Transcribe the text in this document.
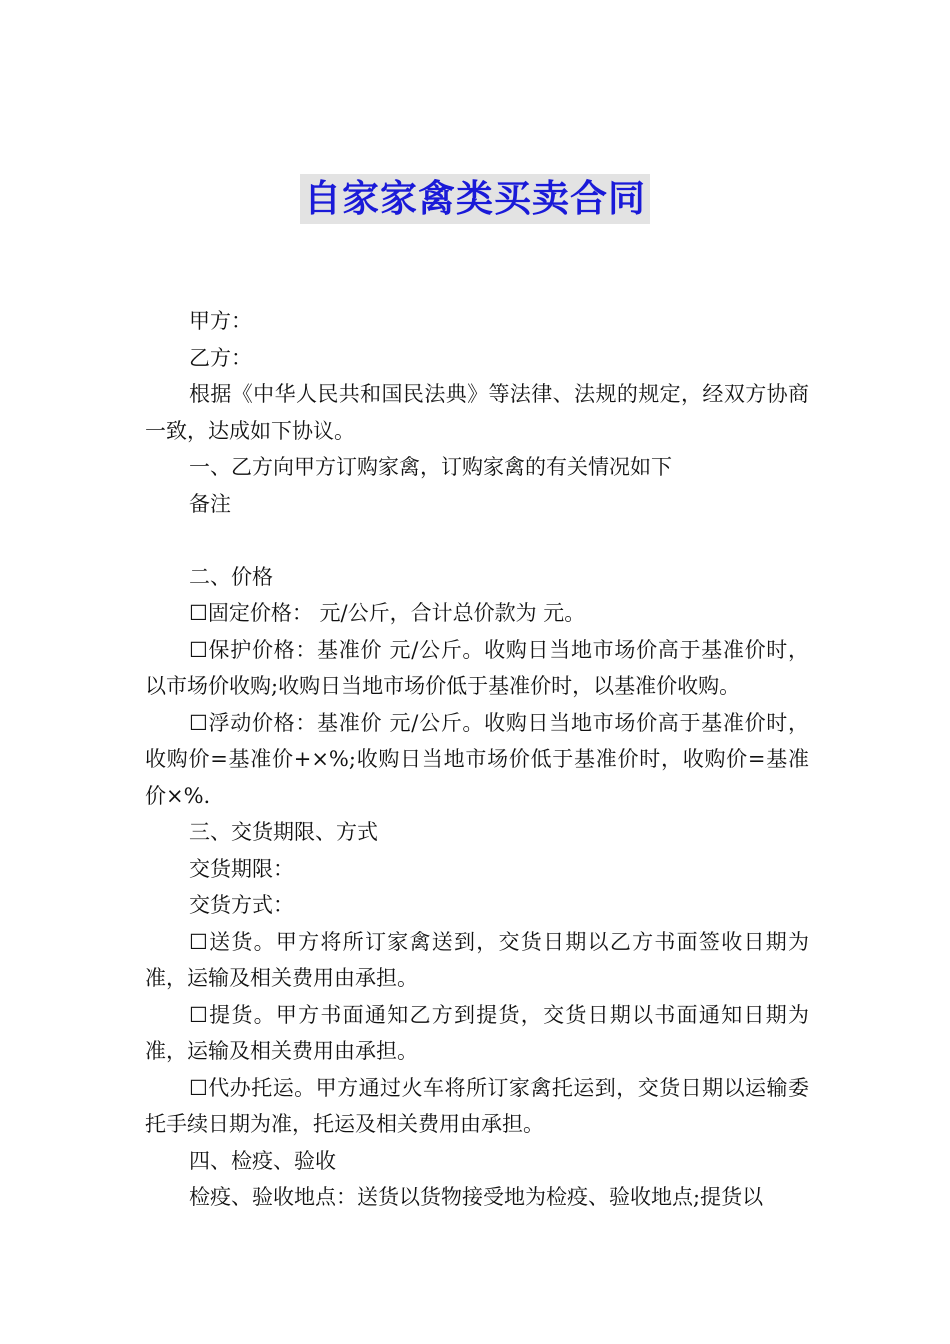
自家家禽类买卖合同

甲方：

乙方：

根据《中华人民共和国民法典》等法律、法规的规定，经双方协商一致，达成如下协议。

一、乙方向甲方订购家禽，订购家禽的有关情况如下

备注

二、价格

☐固定价格： 元/公斤，合计总价款为 元。

☐保护价格：基准价 元/公斤。收购日当地市场价高于基准价时，以市场价收购;收购日当地市场价低于基准价时，以基准价收购。

☐浮动价格：基准价 元/公斤。收购日当地市场价高于基准价时，收购价=基准价+×%;收购日当地市场价低于基准价时，收购价=基准价×%.

三、交货期限、方式

交货期限：

交货方式：

☐送货。甲方将所订家禽送到，交货日期以乙方书面签收日期为准，运输及相关费用由承担。

☐提货。甲方书面通知乙方到提货，交货日期以书面通知日期为准，运输及相关费用由承担。

☐代办托运。甲方通过火车将所订家禽托运到，交货日期以运输委托手续日期为准，托运及相关费用由承担。

四、检疫、验收

检疫、验收地点：送货以货物接受地为检疫、验收地点;提货以
